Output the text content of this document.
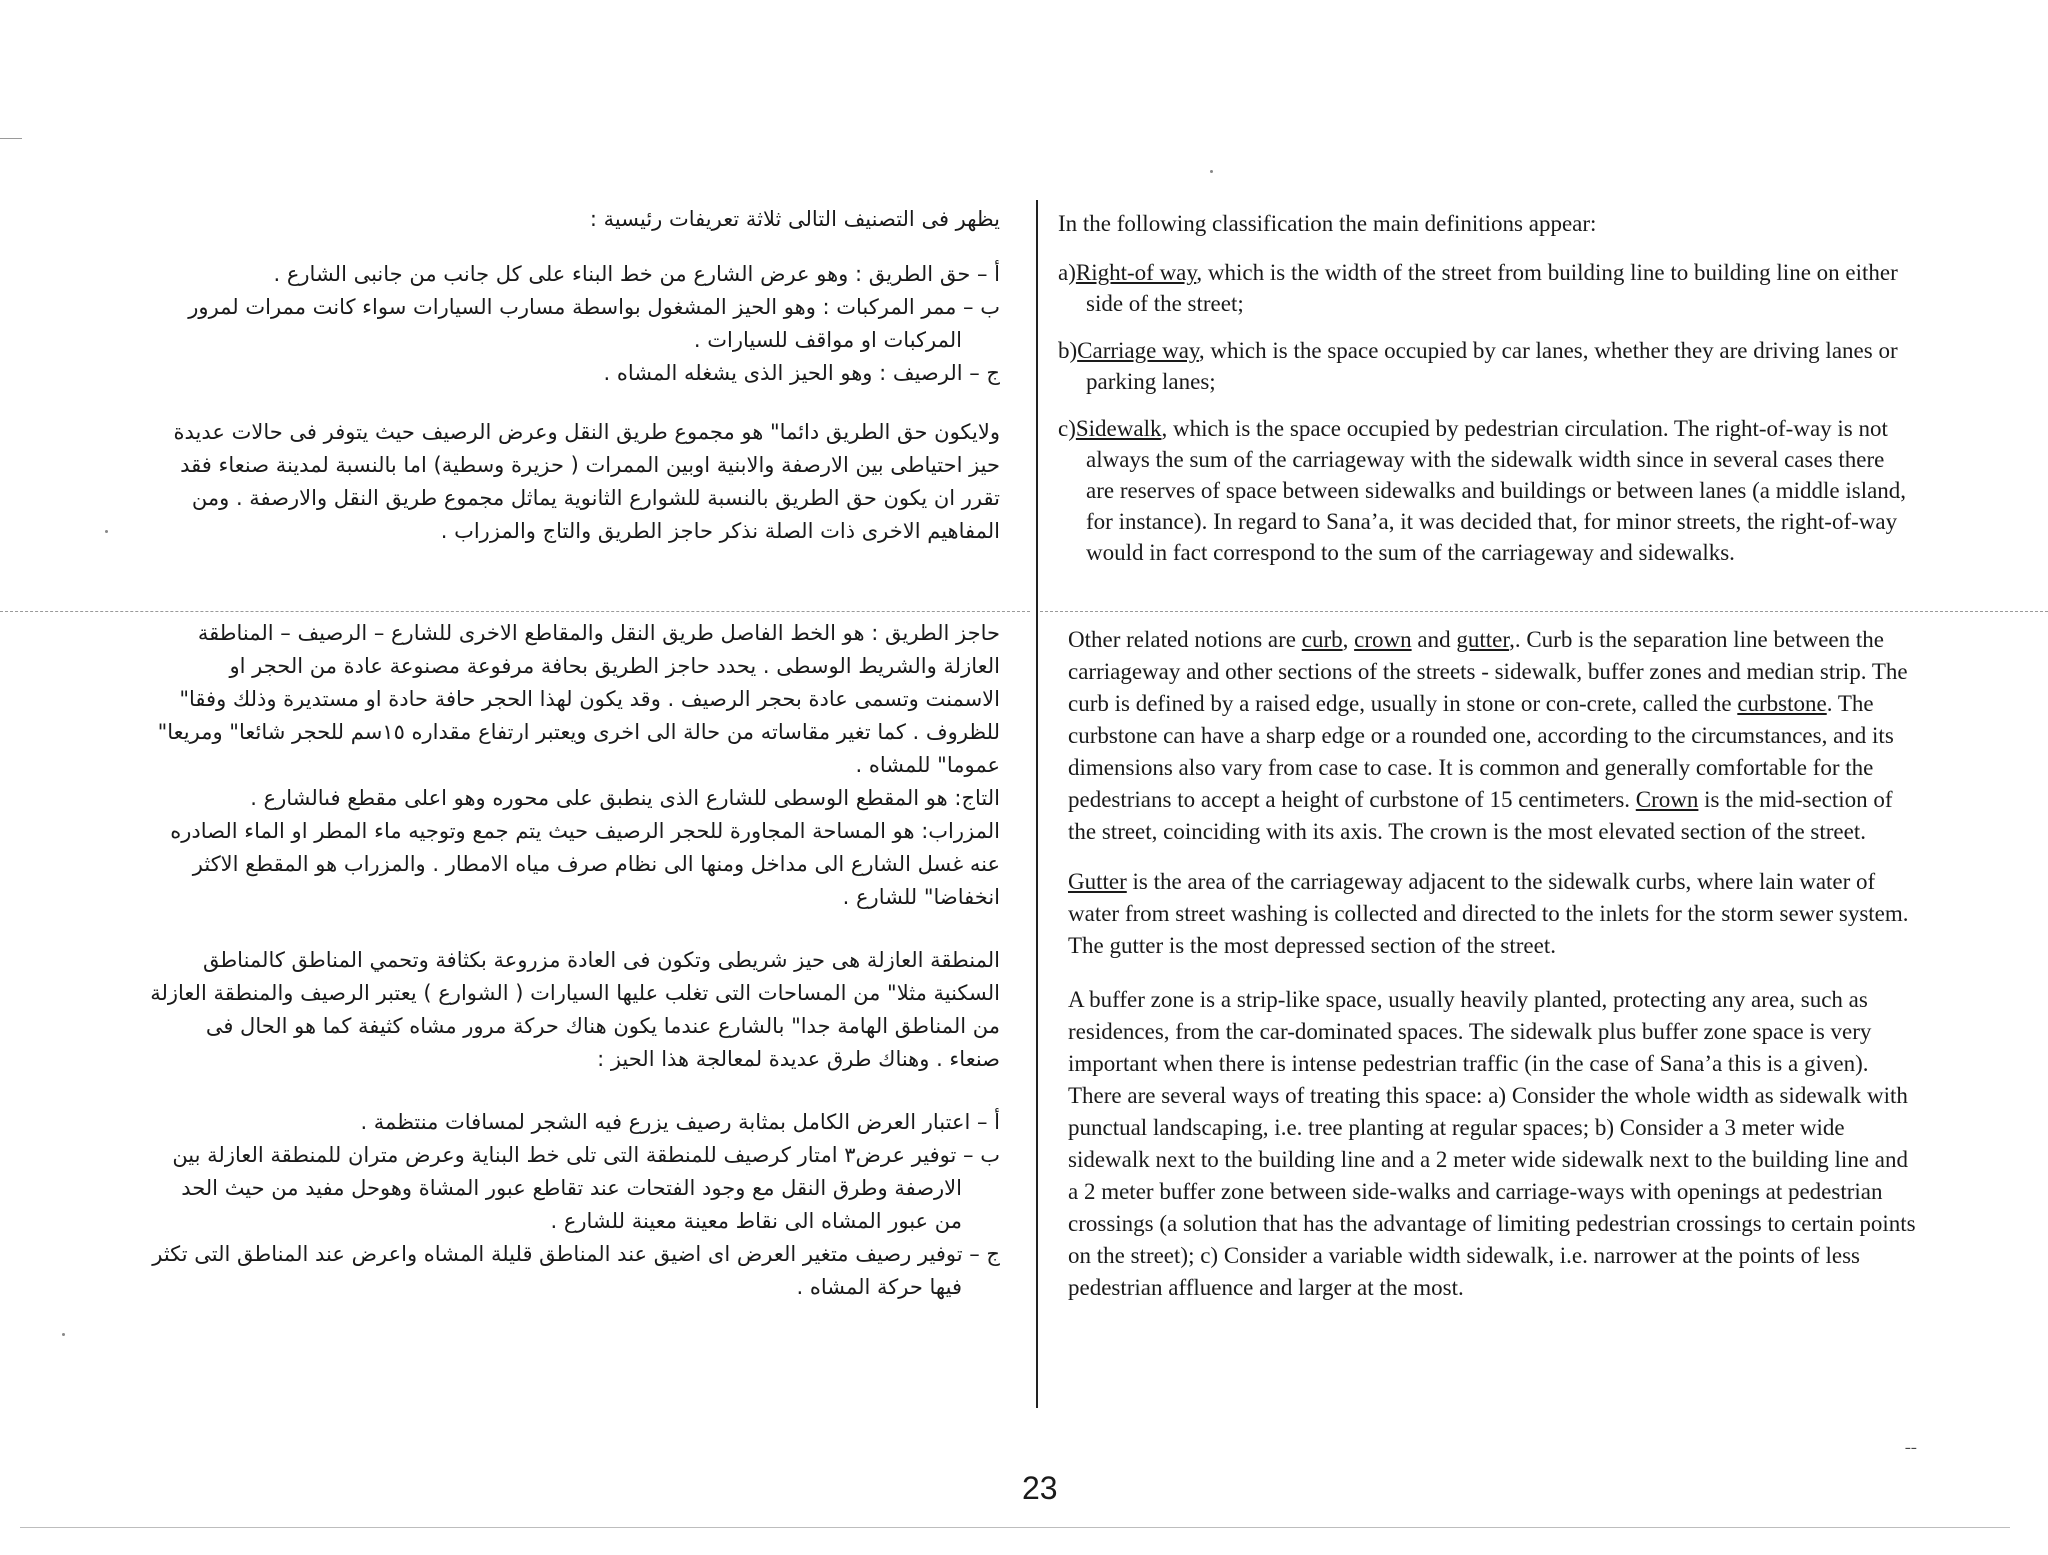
يظهر فى التصنيف التالى ثلاثة تعريفات رئيسية :

أ – حق الطريق : وهو عرض الشارع من خط البناء على كل جانب من جانبى الشارع .

ب – ممر المركبات : وهو الحيز المشغول بواسطة مسارب السيارات سواء كانت ممرات لمرور المركبات او مواقف للسيارات .

ج – الرصيف : وهو الحيز الذى يشغله المشاه .

ولايكون حق الطريق دائما" هو مجموع طريق النقل وعرض الرصيف حيث يتوفر فى حالات عديدة حيز احتياطى بين الارصفة والابنية اوبين الممرات ( حزيرة وسطية) اما بالنسبة لمدينة صنعاء فقد تقرر ان يكون حق الطريق بالنسبة للشوارع الثانوية يماثل مجموع طريق النقل والارصفة . ومن المفاهيم الاخرى ذات الصلة نذكر حاجز الطريق والتاج والمزراب .

حاجز الطريق : هو الخط الفاصل طريق النقل والمقاطع الاخرى للشارع – الرصيف – المناطقة العازلة والشريط الوسطى . يحدد حاجز الطريق بحافة مرفوعة مصنوعة عادة من الحجر او الاسمنت وتسمى عادة بحجر الرصيف . وقد يكون لهذا الحجر حافة حادة او مستديرة وذلك وفقا" للظروف . كما تغير مقاساته من حالة الى اخرى ويعتبر ارتفاع مقداره ١٥سم للحجر شائعا" ومريعا" عموما" للمشاه .

التاج: هو المقطع الوسطى للشارع الذى ينطبق على محوره وهو اعلى مقطع فىالشارع .

المزراب: هو المساحة المجاورة للحجر الرصيف حيث يتم جمع وتوجيه ماء المطر او الماء الصادره عنه غسل الشارع الى مداخل ومنها الى نظام صرف مياه الامطار . والمزراب هو المقطع الاكثر انخفاضا" للشارع .

المنطقة العازلة هى حيز شريطى وتكون فى العادة مزروعة بكثافة وتحمي المناطق كالمناطق السكنية مثلا" من المساحات التى تغلب عليها السيارات ( الشوارع ) يعتبر الرصيف والمنطقة العازلة من المناطق الهامة جدا" بالشارع عندما يكون هناك حركة مرور مشاه كثيفة كما هو الحال فى صنعاء . وهناك طرق عديدة لمعالجة هذا الحيز :

أ – اعتبار العرض الكامل بمثابة رصيف يزرع فيه الشجر لمسافات منتظمة .

ب – توفير عرض٣ امتار كرصيف للمنطقة التى تلى خط البناية وعرض متران للمنطقة العازلة بين الارصفة وطرق النقل مع وجود الفتحات عند تقاطع عبور المشاة وهوحل مفيد من حيث الحد من عبور المشاه الى نقاط معينة معينة للشارع .

ج – توفير رصيف متغير العرض اى اضيق عند المناطق قليلة المشاه واعرض عند المناطق التى تكثر فيها حركة المشاه .

In the following classification the main definitions appear:

a)Right-of way, which is the width of the street from building line to building line on either side of the street;

b)Carriage way, which is the space occupied by car lanes, whether they are driving lanes or parking lanes;

c)Sidewalk, which is the space occupied by pedestrian circulation. The right-of-way is not always the sum of the carriageway with the sidewalk width since in several cases there are reserves of space between sidewalks and buildings or between lanes (a middle island, for instance). In regard to Sana’a, it was decided that, for minor streets, the right-of-way would in fact correspond to the sum of the carriageway and sidewalks.

Other related notions are curb, crown and gutter,. Curb is the separation line between the carriageway and other sections of the streets - sidewalk, buffer zones and median strip. The curb is defined by a raised edge, usually in stone or con-crete, called the curbstone. The curbstone can have a sharp edge or a rounded one, according to the circumstances, and its dimensions also vary from case to case. It is common and generally comfortable for the pedestrians to accept a height of curbstone of 15 centimeters. Crown is the mid-section of the street, coinciding with its axis. The crown is the most elevated section of the street.

Gutter is the area of the carriageway adjacent to the sidewalk curbs, where lain water of water from street washing is collected and directed to the inlets for the storm sewer system. The gutter is the most depressed section of the street.

A buffer zone is a strip-like space, usually heavily planted, protecting any area, such as residences, from the car-dominated spaces. The sidewalk plus buffer zone space is very important when there is intense pedestrian traffic (in the case of Sana’a this is a given). There are several ways of treating this space: a) Consider the whole width as sidewalk with punctual landscaping, i.e. tree planting at regular spaces; b) Consider a 3 meter wide sidewalk next to the building line and a 2 meter wide sidewalk next to the building line and a 2 meter buffer zone between side-walks and carriage-ways with openings at pedestrian crossings (a solution that has the advantage of limiting pedestrian crossings to certain points on the street); c) Consider a variable width sidewalk, i.e. narrower at the points of less pedestrian affluence and larger at the most.

23
ˉˉ
